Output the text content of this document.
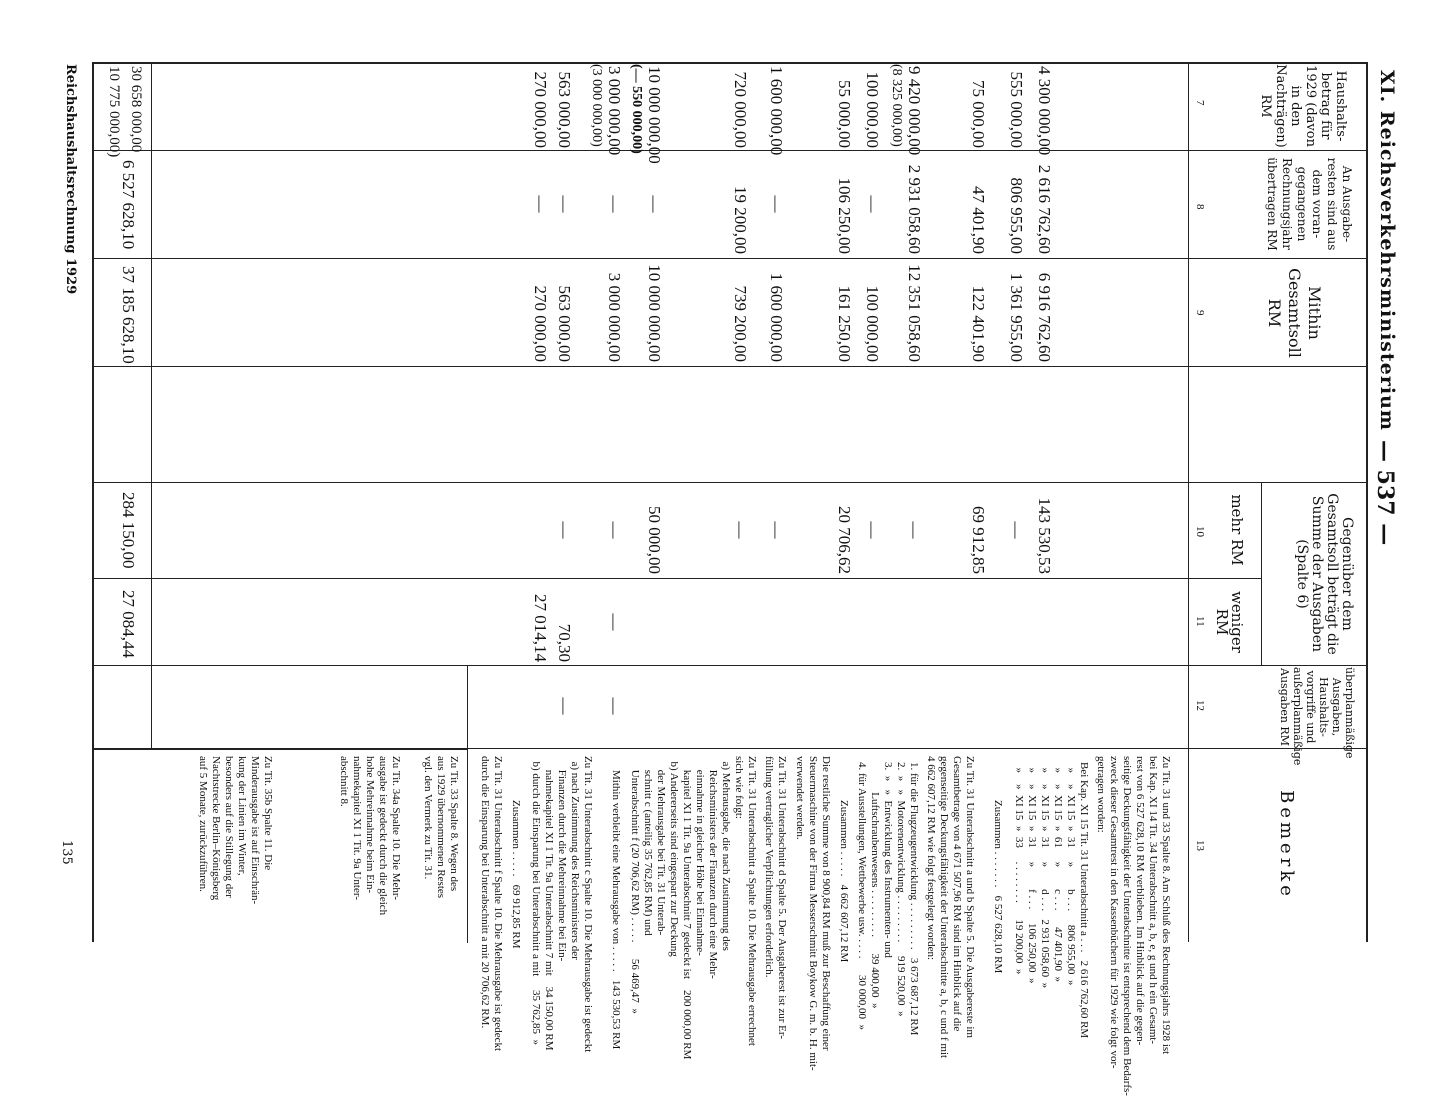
— 537 —
XI. Reichsverkehrsministerium
Haushalts-betrag für 1929 (davon in den Nachträgen) RM
An Ausgabe-resten sind aus dem voran-gegangenen Rechnungsjahr übertragen RM
Mithin Gesamtsoll RM
Gegenüber dem Gesamtsoll beträgt die Summe der Ausgaben (Spalte 6)
mehr RM
weniger RM
überplanmäßige Ausgaben, Haushalts-vorgriffe und außerplanmäßige Ausgaben RM
Bemerke
7
8
9
10
11
12
13
4 300 000,00
2 616 762,60
6 916 762,60
143 530,53
555 000,00
806 955,00
1 361 955,00
—
75 000,00
47 401,90
122 401,90
69 912,85
9 420 000,00
2 931 058,60
12 351 058,60
—
(8 325 000,00)
100 000,00
—
100 000,00
—
55 000,00
106 250,00
161 250,00
20 706,62
1 600 000,00
—
1 600 000,00
—
720 000,00
19 200,00
739 200,00
—
10 000 000,00
—
10 000 000,00
50 000,00
(— 550 000,00)
3 000 000,00
—
3 000 000,00
—
—
—
(3 000 000,00)
563 000,00
—
563 000,00
—
70,30
—
270 000,00
—
270 000,00
27 014,14
30 658 000,00
10 775 000,00)
6 527 628,10
37 185 628,10
284 150,00
27 084,44
Zu Tit. 31 und 33 Spalte 8. Am Schluß des Rechnungsjahrs 1928 ist
bei Kap. XI 14 Tit. 34 Unterabschnitt a, b, e, g und h ein Gesamt-
rest von 6 527 628,10 RM verblieben. Im Hinblick auf die gegen-
seitige Deckungsfähigkeit der Unterabschnitte ist entsprechend dem Bedarfs-
zweck dieser Gesamtrest in den Kassenbüchern für 1929 wie folgt vor-
getragen worden:
Bei Kap. XI 15 Tit. 31 Unterabschnitt a . . .   2 616 762,60 RM
»    »  XI 15  »  31     »        b . . .     806 955,00  »
»    »  XI 15  »  61     »        c . . .      47 401,90  »
»    »  XI 15  »  31     »        d . . .   2 931 058,60  »
»    »  XI 15  »  31     »        f . . .     106 250,00  »
»    »  XI 15  »  33     . . . . . . . .      19 200,00  »
Zusammen . . . . . . .   6 527 628,10 RM
Zu Tit. 31 Unterabschnitt a und b Spalte 5. Die Ausgabereste im
Gesamtbetrage von 4 671 507,96 RM sind im Hinblick auf die
gegenseitige Deckungsfähigkeit der Unterabschnitte a, b, c und f mit
4 662 607,12 RM wie folgt festgelegt worden:
1. für die Flugzeugentwicklung . . . . . . . . .   3 673 687,12 RM
2.  »   »  Motorenentwicklung . . . . . . . . .     919 520,00  »
3.  »   »  Entwicklung des Instrumenten- und
Luftschraubenwesens . . . . . . . . .      39 400,00  »
4. für Ausstellungen, Wettbewerbe usw. . . . .      30 000,00  »
Zusammen . . . . .   4 662 607,12 RM
Die restliche Summe von 8 900,84 RM muß zur Beschaffung einer
Steuermaschine von der Firma Messerschmitt Boykow G. m. b. H. mit-
verwendet werden.
Zu Tit. 31 Unterabschnitt d Spalte 5. Der Ausgaberest ist zur Er-
füllung vertraglicher Verpflichtungen erforderlich.
Zu Tit. 31 Unterabschnitt a Spalte 10. Die Mehrausgabe errechnet
sich wie folgt:
a) Mehrausgabe, die nach Zustimmung des
Reichsministers der Finanzen durch eine Mehr-
einnahme in gleicher Höhe bei Einnahme-
kapitel XI 1 Tit. 9a Unterabschnitt 7 gedeckt ist    200 000,00 RM
b) Andererseits sind eingespart zur Deckung
der Mehrausgabe bei Tit. 31 Unterab-
schnitt c (anteilig 35 762,85 RM) und
Unterabschnitt f (20 706,62 RM) . . . . .      56 469,47  »
Mithin verbleibt eine Mehrausgabe von . . . . .   143 530,53 RM
Zu Tit. 31 Unterabschnitt c Spalte 10. Die Mehrausgabe ist gedeckt
a) nach Zustimmung des Reichsministers der
Finanzen durch die Mehreinnahme bei Ein-
nahmekapitel XI 1 Tit. 9a Unterabschnitt 7 mit    34 150,00 RM
b) durch die Einsparung bei Unterabschnitt a mit     35 762,85  »
Zusammen . . . . .   69 912,85 RM
Zu Tit. 31 Unterabschnitt f Spalte 10. Die Mehrausgabe ist gedeckt
durch die Einsparung bei Unterabschnitt a mit 20 706,62 RM.
Zu Tit. 33 Spalte 8. Wegen des
aus 1929 übernommenen Restes
vgl. den Vermerk zu Tit. 31.
Zu Tit. 34a Spalte 10. Die Mehr-
ausgabe ist gedeckt durch die gleich
hohe Mehreinnahme beim Ein-
nahmekapitel XI 1 Tit. 9a Unter-
abschnitt 8.
Zu Tit. 35b Spalte 11. Die
Minderausgabe ist auf Einschrän-
kung der Linien im Winter,
besonders auf die Stillegung der
Nachtstrecke Berlin–Königsberg
auf 5 Monate, zurückzuführen.
Reichshaushaltsrechnung 1929
135
